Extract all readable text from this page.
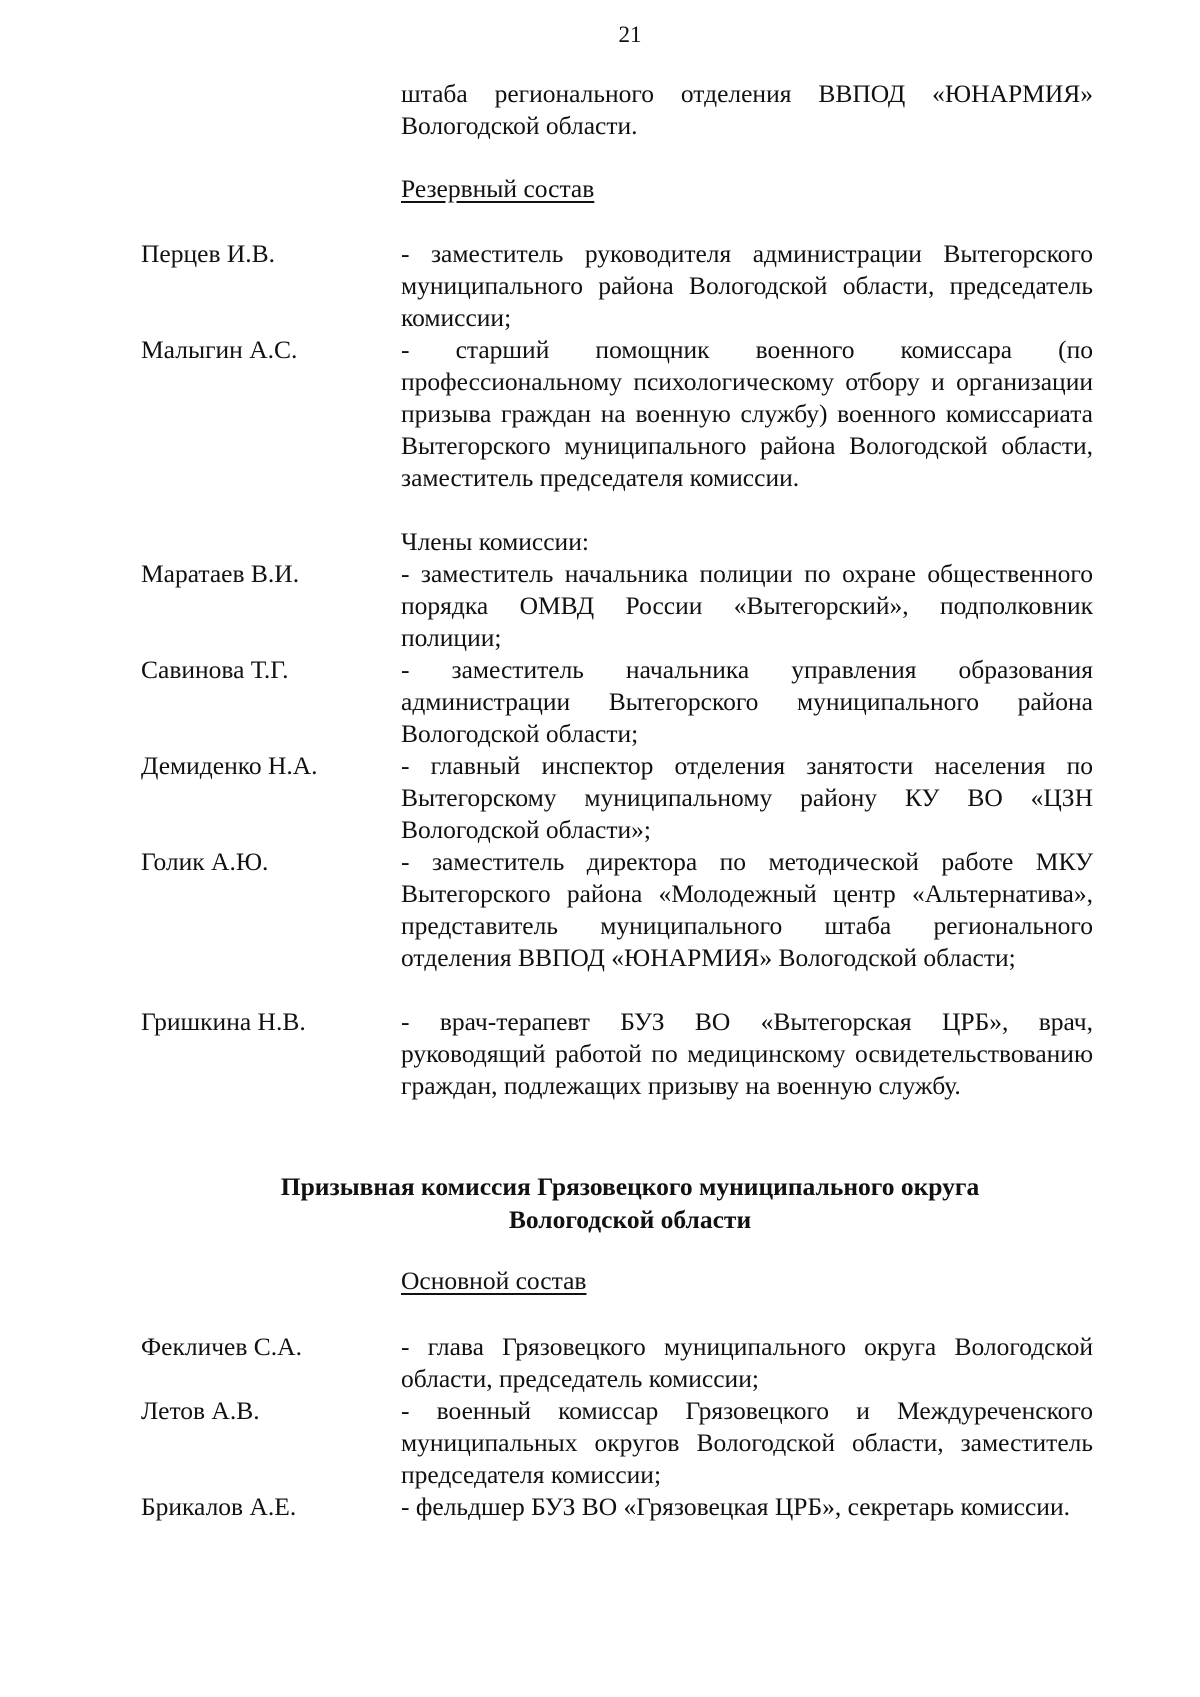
21
штаба регионального отделения ВВПОД «ЮНАРМИЯ» Вологодской области.
Резервный состав
Перцев И.В.	- заместитель руководителя администрации Вытегорского муниципального района Вологодской области, председатель комиссии;
Малыгин А.С.	- старший помощник военного комиссара (по профессиональному психологическому отбору и организации призыва граждан на военную службу) военного комиссариата Вытегорского муниципального района Вологодской области, заместитель председателя комиссии.
Члены комиссии:
Маратаев В.И.	- заместитель начальника полиции по охране общественного порядка ОМВД России «Вытегорский», подполковник полиции;
Савинова Т.Г.	- заместитель начальника управления образования администрации Вытегорского муниципального района Вологодской области;
Демиденко Н.А.	- главный инспектор отделения занятости населения по Вытегорскому муниципальному району КУ ВО «ЦЗН Вологодской области»;
Голик А.Ю.	- заместитель директора по методической работе МКУ Вытегорского района «Молодежный центр «Альтернатива», представитель муниципального штаба регионального отделения ВВПОД «ЮНАРМИЯ» Вологодской области;
Гришкина Н.В.	- врач-терапевт БУЗ ВО «Вытегорская ЦРБ», врач, руководящий работой по медицинскому освидетельствованию граждан, подлежащих призыву на военную службу.
Призывная комиссия Грязовецкого муниципального округа
Вологодской области
Основной состав
Фекличев С.А.	- глава Грязовецкого муниципального округа Вологодской области, председатель комиссии;
Летов А.В.	- военный комиссар Грязовецкого и Междуреченского муниципальных округов Вологодской области, заместитель председателя комиссии;
Брикалов А.Е.	- фельдшер БУЗ ВО «Грязовецкая ЦРБ», секретарь комиссии.
